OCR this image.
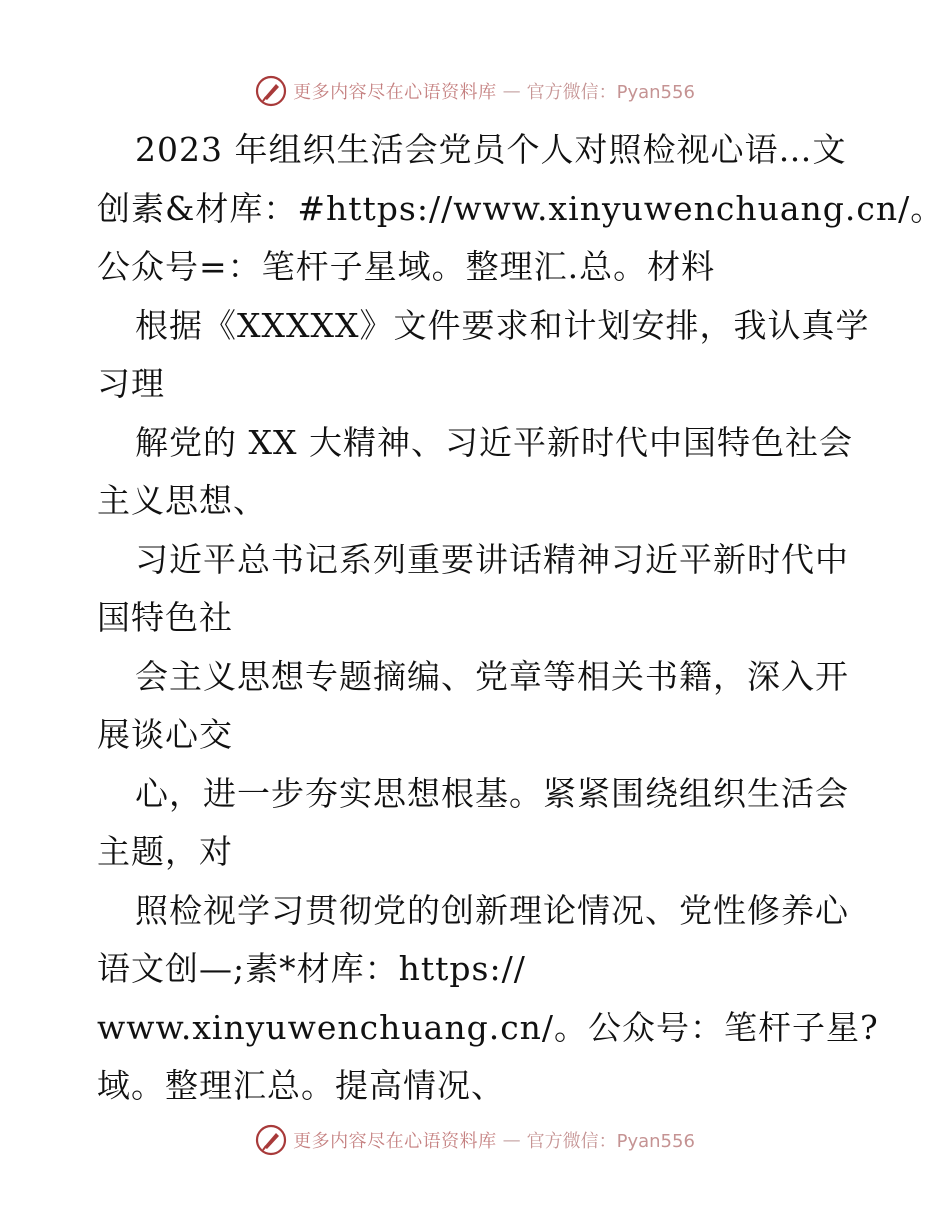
更多内容尽在心语资料库 — 官方微信：Pyan556
2023 年组织生活会党员个人对照检视心语…文
创素&材库：#https://www.xinyuwenchuang.cn/。
公众号=：笔杆子星域。整理汇.总。材料
根据《XXXXX》文件要求和计划安排，我认真学
习理
解党的 XX 大精神、习近平新时代中国特色社会
主义思想、
习近平总书记系列重要讲话精神习近平新时代中
国特色社
会主义思想专题摘编、党章等相关书籍，深入开
展谈心交
心，进一步夯实思想根基。紧紧围绕组织生活会
主题，对
照检视学习贯彻党的创新理论情况、党性修养心
语文创—;素*材库：https://
www.xinyuwenchuang.cn/。公众号：笔杆子星?
域。整理汇总。提高情况、
更多内容尽在心语资料库 — 官方微信：Pyan556
